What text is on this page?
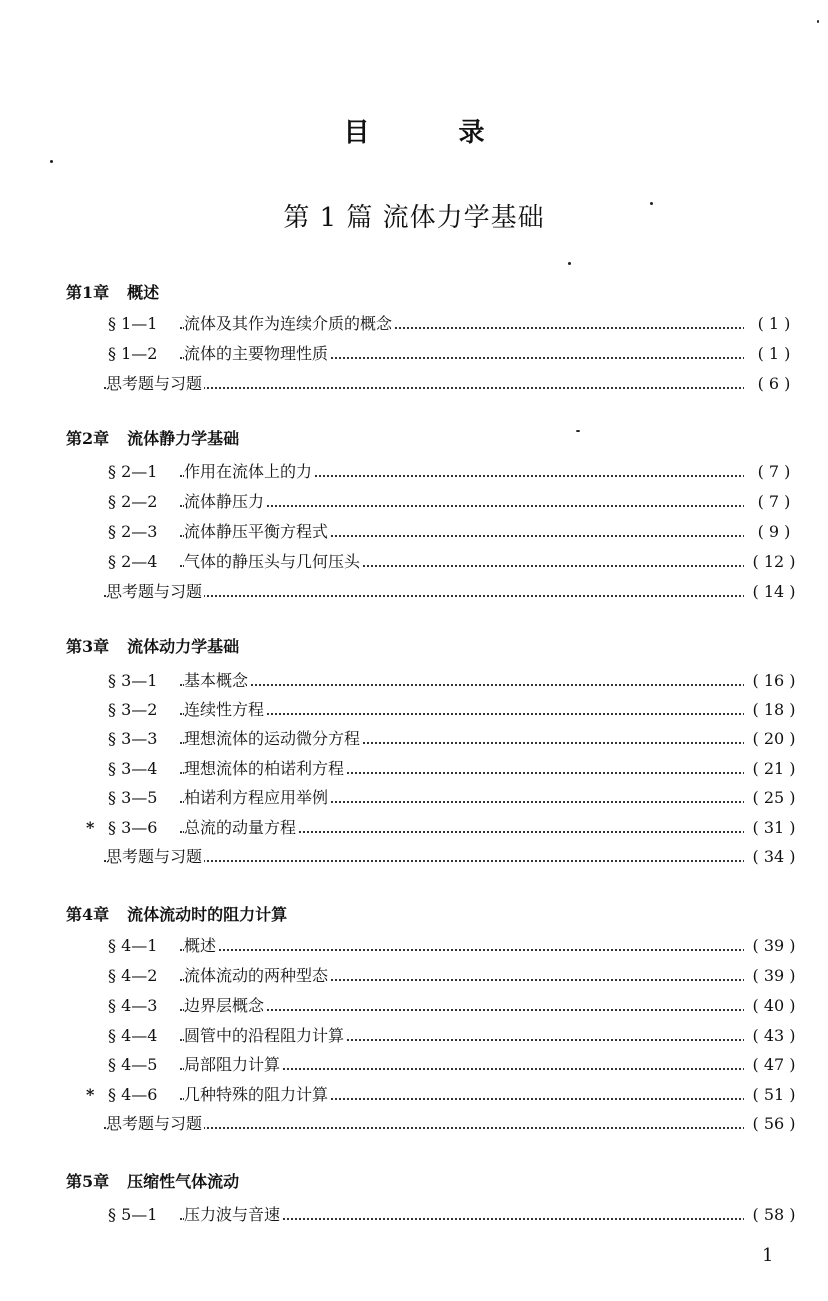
目 录
第 1 篇 流体力学基础
第1章 概述
§ 1—1 流体及其作为连续介质的概念	( 1 )
§ 1—2 流体的主要物理性质	( 1 )
思考题与习题	( 6 )
第2章 流体静力学基础
§ 2—1 作用在流体上的力	( 7 )
§ 2—2 流体静压力	( 7 )
§ 2—3 流体静压平衡方程式	( 9 )
§ 2—4 气体的静压头与几何压头	( 12 )
思考题与习题	( 14 )
第3章 流体动力学基础
§ 3—1 基本概念	( 16 )
§ 3—2 连续性方程	( 18 )
§ 3—3 理想流体的运动微分方程	( 20 )
§ 3—4 理想流体的柏诺利方程	( 21 )
§ 3—5 柏诺利方程应用举例	( 25 )
* § 3—6 总流的动量方程	( 31 )
思考题与习题	( 34 )
第4章 流体流动时的阻力计算
§ 4—1 概述	( 39 )
§ 4—2 流体流动的两种型态	( 39 )
§ 4—3 边界层概念	( 40 )
§ 4—4 圆管中的沿程阻力计算	( 43 )
§ 4—5 局部阻力计算	( 47 )
* § 4—6 几种特殊的阻力计算	( 51 )
思考题与习题	( 56 )
第5章 压缩性气体流动
§ 5—1 压力波与音速	( 58 )
1
